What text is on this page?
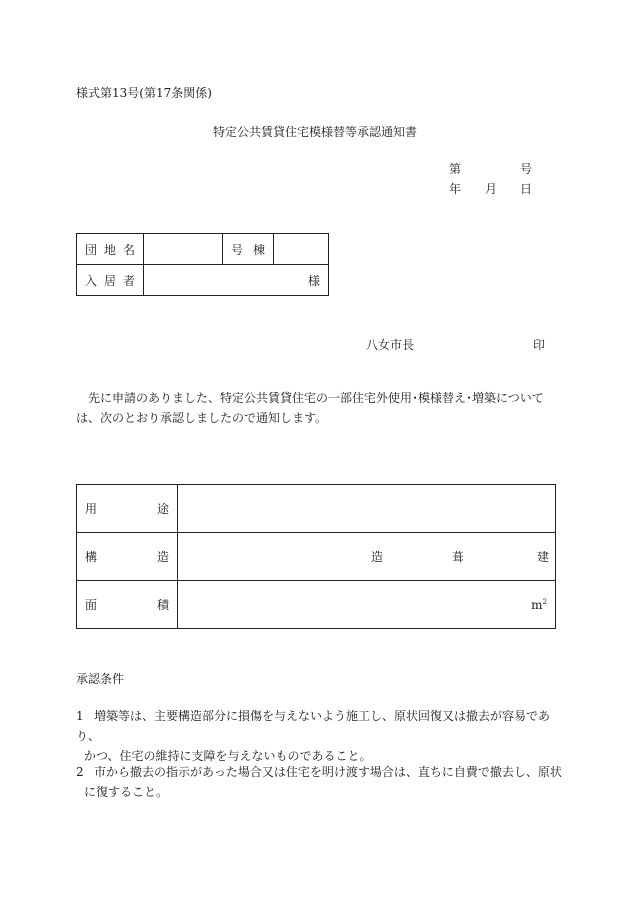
様式第13号(第17条関係)
特定公共賃貸住宅模様替等承認通知書
第	号
年 月 日
団 地 名		号 棟	

入 居 者	様		
八女市長	印
先に申請のありました、特定公共賃貸住宅の一部住宅外使用･模様替え･増築については、次のとおり承認しましたので通知します。
用 途	

構 造	造 葺 建

面 積	$m^2$
承認条件
1 増築等は、主要構造部分に損傷を与えないよう施工し、原状回復又は撤去が容易であり、
かつ、住宅の維持に支障を与えないものであること。
2 市から撤去の指示があった場合又は住宅を明け渡す場合は、直ちに自費で撤去し、原状
に復すること。
